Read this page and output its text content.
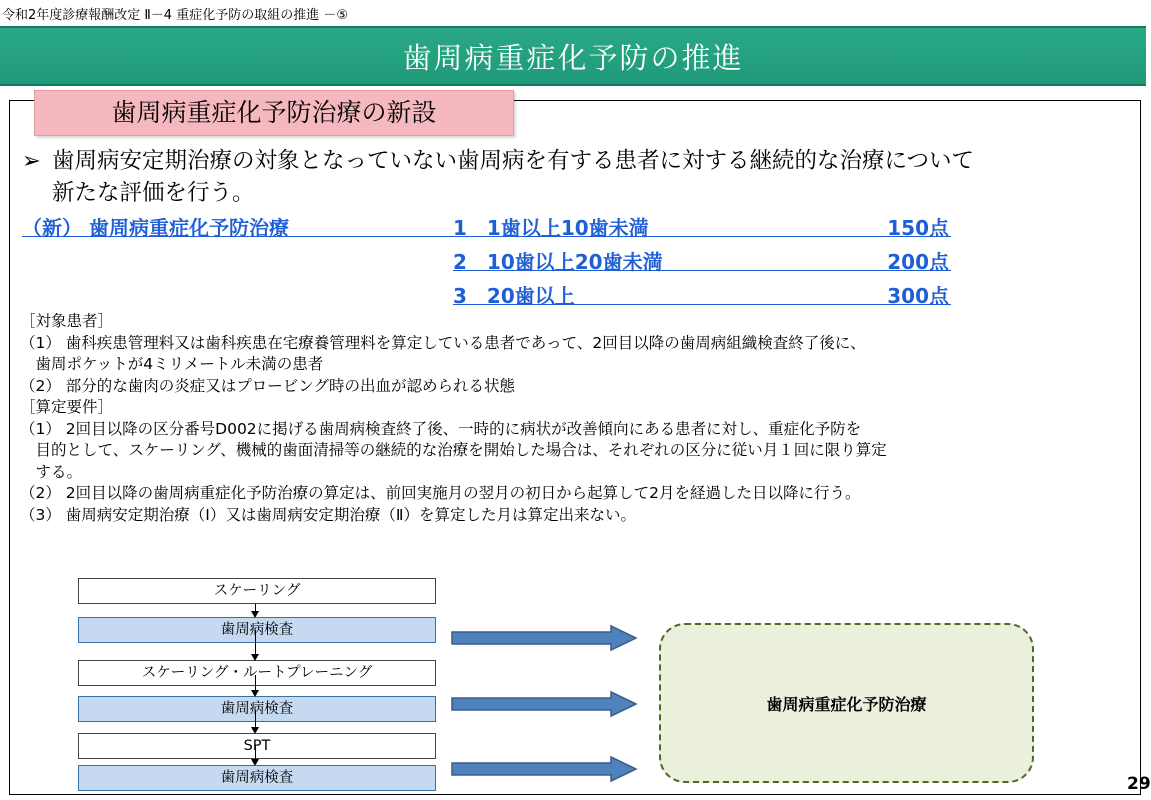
令和2年度診療報酬改定 Ⅱ－4 重症化予防の取組の推進 －⑤
歯周病重症化予防の推進
歯周病重症化予防治療の新設
➢ 歯周病安定期治療の対象となっていない歯周病を有する患者に対する継続的な治療について
新たな評価を行う。
（新） 歯周病重症化予防治療	1　1歯以上10歯未満	150点
2　10歯以上20歯未満	200点
3　20歯以上	300点
［対象患者］
（1） 歯科疾患管理料又は歯科疾患在宅療養管理料を算定している患者であって、2回目以降の歯周病組織検査終了後に、
　歯周ポケットが4ミリメートル未満の患者
（2） 部分的な歯肉の炎症又はプロービング時の出血が認められる状態
［算定要件］
（1） 2回目以降の区分番号D002に掲げる歯周病検査終了後、一時的に病状が改善傾向にある患者に対し、重症化予防を
　目的として、スケーリング、機械的歯面清掃等の継続的な治療を開始した場合は、それぞれの区分に従い月１回に限り算定
　する。
（2） 2回目以降の歯周病重症化予防治療の算定は、前回実施月の翌月の初日から起算して2月を経過した日以降に行う。
（3） 歯周病安定期治療（Ⅰ）又は歯周病安定期治療（Ⅱ）を算定した月は算定出来ない。
スケーリング
歯周病検査
スケーリング・ルートプレーニング
歯周病検査
SPT
歯周病検査
歯周病重症化予防治療
29
